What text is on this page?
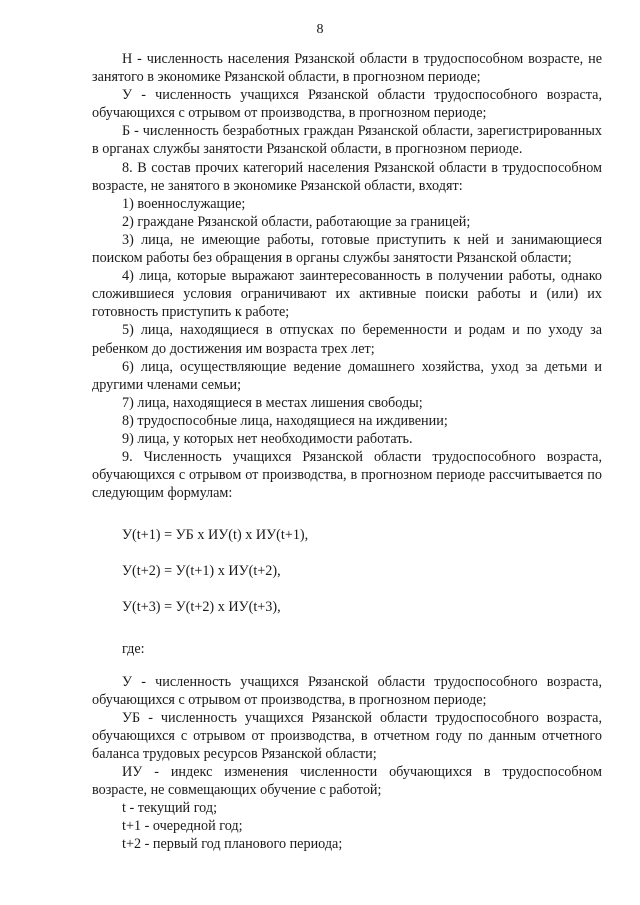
8

Н - численность населения Рязанской области в трудоспособном возрасте, не занятого в экономике Рязанской области, в прогнозном периоде;

У - численность учащихся Рязанской области трудоспособного возраста, обучающихся с отрывом от производства, в прогнозном периоде;

Б - численность безработных граждан Рязанской области, зарегистрированных в органах службы занятости Рязанской области, в прогнозном периоде.

8. В состав прочих категорий населения Рязанской области в трудоспособном возрасте, не занятого в экономике Рязанской области, входят:

1) военнослужащие;

2) граждане Рязанской области, работающие за границей;

3) лица, не имеющие работы, готовые приступить к ней и занимающиеся поиском работы без обращения в органы службы занятости Рязанской области;

4) лица, которые выражают заинтересованность в получении работы, однако сложившиеся условия ограничивают их активные поиски работы и (или) их готовность приступить к работе;

5) лица, находящиеся в отпусках по беременности и родам и по уходу за ребенком до достижения им возраста трех лет;

6) лица, осуществляющие ведение домашнего хозяйства, уход за детьми и другими членами семьи;

7) лица, находящиеся в местах лишения свободы;

8) трудоспособные лица, находящиеся на иждивении;

9) лица, у которых нет необходимости работать.

9. Численность учащихся Рязанской области трудоспособного возраста, обучающихся с отрывом от производства, в прогнозном периоде рассчитывается по следующим формулам:

У(t+1) = УБ x ИУ(t) x ИУ(t+1),

У(t+2) = У(t+1) x ИУ(t+2),

У(t+3) = У(t+2) x ИУ(t+3),

где:

У - численность учащихся Рязанской области трудоспособного возраста, обучающихся с отрывом от производства, в прогнозном периоде;

УБ - численность учащихся Рязанской области трудоспособного возраста, обучающихся с отрывом от производства, в отчетном году по данным отчетного баланса трудовых ресурсов Рязанской области;

ИУ - индекс изменения численности обучающихся в трудоспособном возрасте, не совмещающих обучение с работой;

t - текущий год;

t+1 - очередной год;

t+2 - первый год планового периода;
